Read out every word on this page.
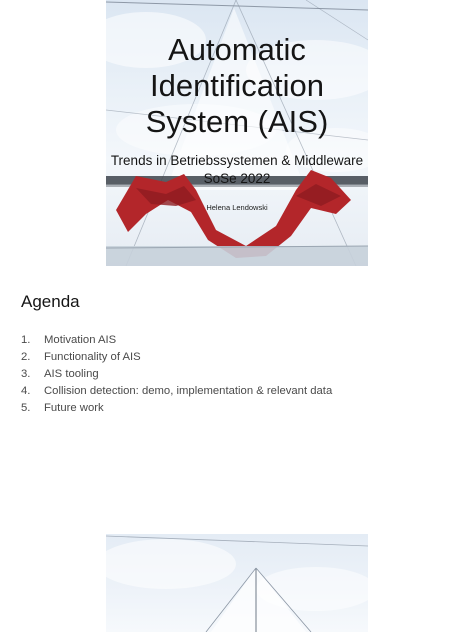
Automatic
Identification
System (AIS)
Trends in Betriebssystemen & Middleware
SoSe 2022
Helena Lendowski
Agenda
1. Motivation AIS
2. Functionality of AIS
3. AIS tooling
4. Collision detection: demo, implementation & relevant data
5. Future work
